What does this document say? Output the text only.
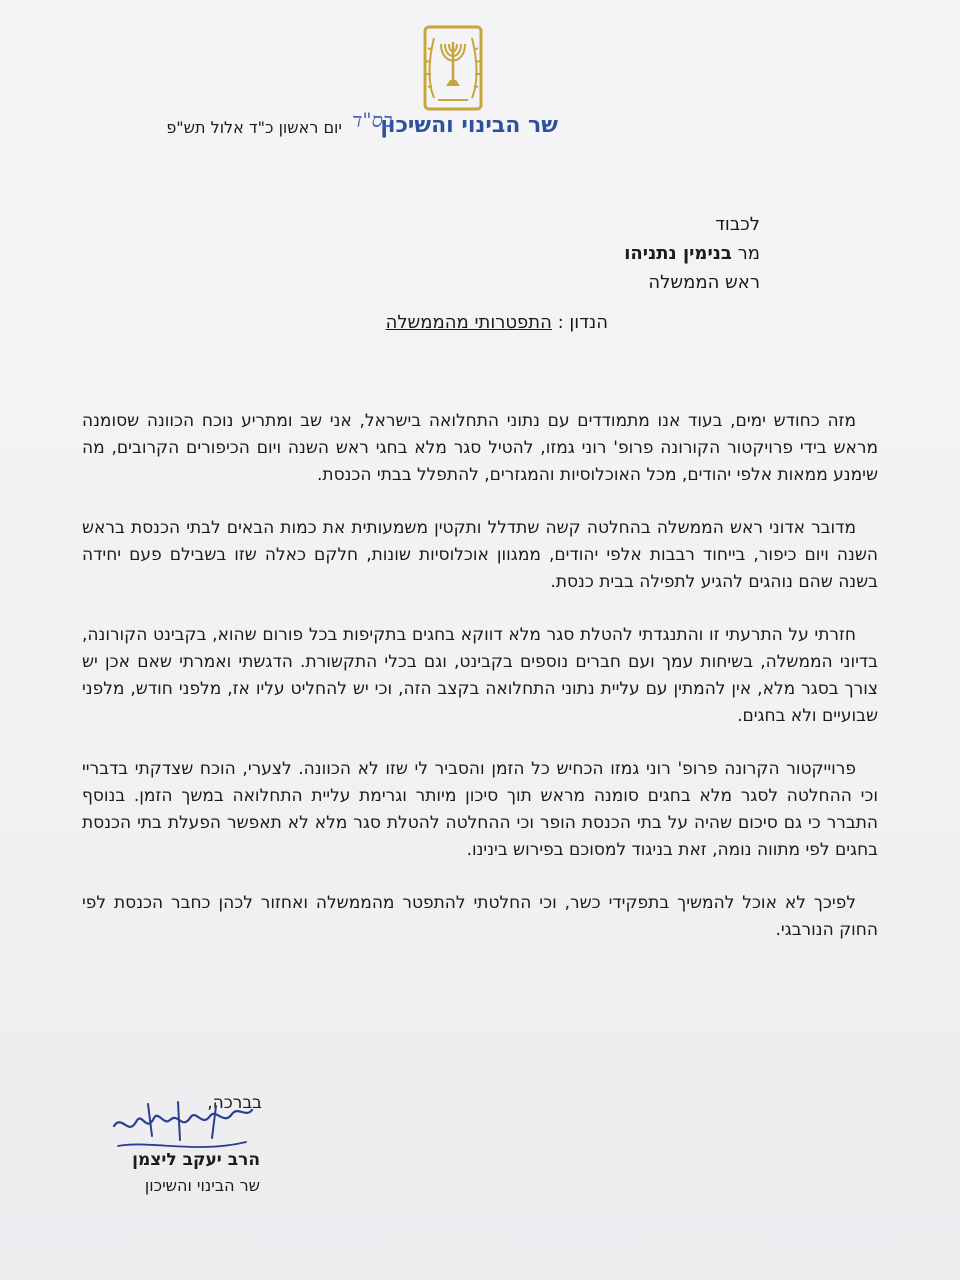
שר הבינוי והשיכון
בס"ד
יום ראשון כ"ד אלול תש"פ
לכבוד
מר בנימין נתניהו
ראש הממשלה
הנדון : התפטרותי מהממשלה

מזה כחודש ימים, בעוד אנו מתמודדים עם נתוני התחלואה בישראל, אני שב ומתריע נוכח הכוונה שסומנה מראש בידי פרויקטור הקורונה פרופ' רוני גמזו, להטיל סגר מלא בחגי ראש השנה ויום הכיפורים הקרובים, מה שימנע ממאות אלפי יהודים, מכל האוכלוסיות והמגזרים, להתפלל בבתי הכנסת.

מדובר אדוני ראש הממשלה בהחלטה קשה שתדלל ותקטין משמעותית את כמות הבאים לבתי הכנסת בראש השנה ויום כיפור, בייחוד רבבות אלפי יהודים, ממגוון אוכלוסיות שונות, חלקם כאלה שזו בשבילם פעם יחידה בשנה שהם נוהגים להגיע לתפילה בבית כנסת.

חזרתי על התרעתי זו והתנגדתי להטלת סגר מלא דווקא בחגים בתקיפות בכל פורום שהוא, בקבינט הקורונה, בדיוני הממשלה, בשיחות עמך ועם חברים נוספים בקבינט, וגם בכלי התקשורת. הדגשתי ואמרתי שאם אכן יש צורך בסגר מלא, אין להמתין עם עליית נתוני התחלואה בקצב הזה, וכי יש להחליט עליו אז, מלפני חודש, מלפני שבועיים ולא בחגים.

פרוייקטור הקרונה פרופ' רוני גמזו הכחיש כל הזמן והסביר לי שזו לא הכוונה. לצערי, הוכח שצדקתי בדבריי וכי ההחלטה לסגר מלא בחגים סומנה מראש תוך סיכון מיותר וגרימת עליית התחלואה במשך הזמן. בנוסף התברר כי גם סיכום שהיה על בתי הכנסת הופר וכי ההחלטה להטלת סגר מלא לא תאפשר הפעלת בתי הכנסת בחגים לפי מתווה נומה, זאת בניגוד למסוכם בפירוש בינינו.

לפיכך לא אוכל להמשיך בתפקידי כשר, וכי החלטתי להתפטר מהממשלה ואחזור לכהן כחבר הכנסת לפי החוק הנורבגי.

בברכה,
הרב יעקב ליצמן
שר הבינוי והשיכון
